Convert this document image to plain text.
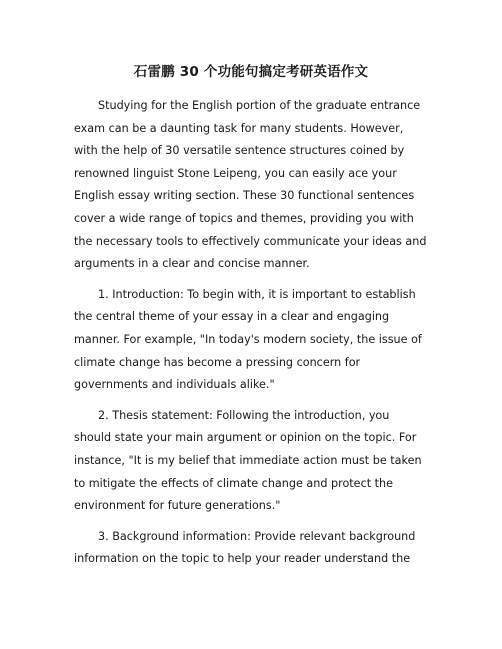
石雷鹏 30 个功能句搞定考研英语作文

Studying for the English portion of the graduate entrance exam can be a daunting task for many students. However, with the help of 30 versatile sentence structures coined by renowned linguist Stone Leipeng, you can easily ace your English essay writing section. These 30 functional sentences cover a wide range of topics and themes, providing you with the necessary tools to effectively communicate your ideas and arguments in a clear and concise manner.

1. Introduction: To begin with, it is important to establish the central theme of your essay in a clear and engaging manner. For example, "In today's modern society, the issue of climate change has become a pressing concern for governments and individuals alike."

2. Thesis statement: Following the introduction, you should state your main argument or opinion on the topic. For instance, "It is my belief that immediate action must be taken to mitigate the effects of climate change and protect the environment for future generations."

3. Background information: Provide relevant background information on the topic to help your reader understand the
